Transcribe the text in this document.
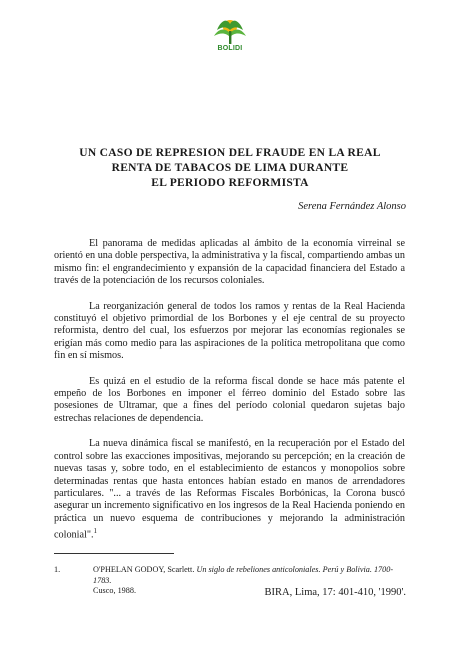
BOLIDI
UN CASO DE REPRESION DEL FRAUDE EN LA REAL
RENTA DE TABACOS DE LIMA DURANTE
EL PERIODO REFORMISTA
Serena Fernández Alonso

El panorama de medidas aplicadas al ámbito de la economía virreinal se orientó en una doble perspectiva, la administrativa y la fiscal, compartiendo ambas un mismo fin: el engrandecimiento y expansión de la capacidad financiera del Estado a través de la potenciación de los recursos coloniales.

La reorganización general de todos los ramos y rentas de la Real Hacienda constituyó el objetivo primordial de los Borbones y el eje central de su proyecto reformista, dentro del cual, los esfuerzos por mejorar las economías regionales se erigían más como medio para las aspiraciones de la política metropolitana que como fin en sí mismos.

Es quizá en el estudio de la reforma fiscal donde se hace más patente el empeño de los Borbones en imponer el férreo dominio del Estado sobre las posesiones de Ultramar, que a fines del período colonial quedaron sujetas bajo estrechas relaciones de dependencia.

La nueva dinámica fiscal se manifestó, en la recuperación por el Estado del control sobre las exacciones impositivas, mejorando su percepción; en la creación de nuevas tasas y, sobre todo, en el establecimiento de estancos y monopolios sobre determinadas rentas que hasta entonces habían estado en manos de arrendadores particulares. "... a través de las Reformas Fiscales Borbónicas, la Corona buscó asegurar un incremento significativo en los ingresos de la Real Hacienda poniendo en práctica un nuevo esquema de contribuciones y mejorando la administración colonial".$^1$

1.	O'PHELAN GODOY, Scarlett. Un siglo de rebeliones anticoloniales. Perú y Bolivia. 1700-1783.
Cusco, 1988.	BIRA, Lima, 17: 401-410, '1990'.
